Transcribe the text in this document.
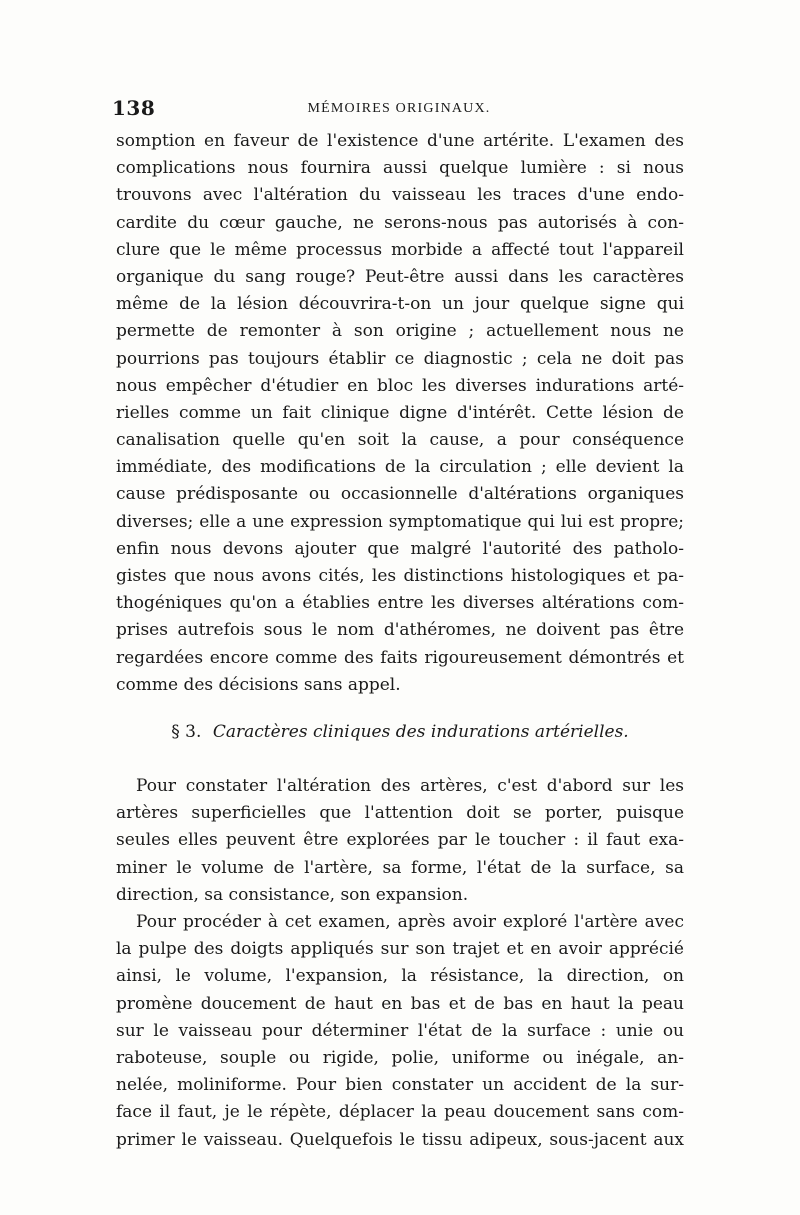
138	MÉMOIRES ORIGINAUX.
somption en faveur de l'existence d'une artérite. L'examen des
complications nous fournira aussi quelque lumière : si nous
trouvons avec l'altération du vaisseau les traces d'une endo-
cardite du cœur gauche, ne serons-nous pas autorisés à con-
clure que le même processus morbide a affecté tout l'appareil
organique du sang rouge? Peut-être aussi dans les caractères
même de la lésion découvrira-t-on un jour quelque signe qui
permette de remonter à son origine ; actuellement nous ne
pourrions pas toujours établir ce diagnostic ; cela ne doit pas
nous empêcher d'étudier en bloc les diverses indurations arté-
rielles comme un fait clinique digne d'intérêt. Cette lésion de
canalisation quelle qu'en soit la cause, a pour conséquence
immédiate, des modifications de la circulation ; elle devient la
cause prédisposante ou occasionnelle d'altérations organiques
diverses; elle a une expression symptomatique qui lui est propre;
enfin nous devons ajouter que malgré l'autorité des patholo-
gistes que nous avons cités, les distinctions histologiques et pa-
thogéniques qu'on a établies entre les diverses altérations com-
prises autrefois sous le nom d'athéromes, ne doivent pas être
regardées encore comme des faits rigoureusement démontrés et
comme des décisions sans appel.
§ 3. Caractères cliniques des indurations artérielles.
Pour constater l'altération des artères, c'est d'abord sur les
artères superficielles que l'attention doit se porter, puisque
seules elles peuvent être explorées par le toucher : il faut exa-
miner le volume de l'artère, sa forme, l'état de la surface, sa
direction, sa consistance, son expansion.
Pour procéder à cet examen, après avoir exploré l'artère avec
la pulpe des doigts appliqués sur son trajet et en avoir apprécié
ainsi, le volume, l'expansion, la résistance, la direction, on
promène doucement de haut en bas et de bas en haut la peau
sur le vaisseau pour déterminer l'état de la surface : unie ou
raboteuse, souple ou rigide, polie, uniforme ou inégale, an-
nelée, moliniforme. Pour bien constater un accident de la sur-
face il faut, je le répète, déplacer la peau doucement sans com-
primer le vaisseau. Quelquefois le tissu adipeux, sous-jacent aux
